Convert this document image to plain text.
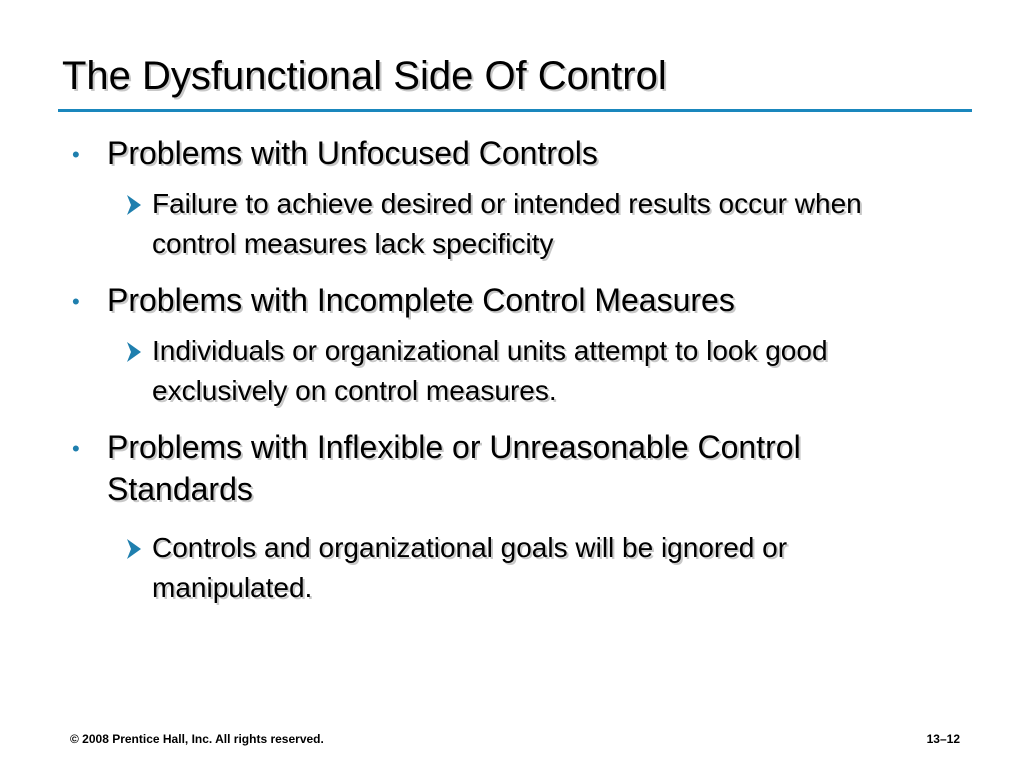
The Dysfunctional Side Of Control
• Problems with Unfocused Controls
Failure to achieve desired or intended results occur when control measures lack specificity
• Problems with Incomplete Control Measures
Individuals or organizational units attempt to look good exclusively on control measures.
• Problems with Inflexible or Unreasonable Control Standards
Controls and organizational goals will be ignored or manipulated.
© 2008 Prentice Hall, Inc. All rights reserved.	13–12
